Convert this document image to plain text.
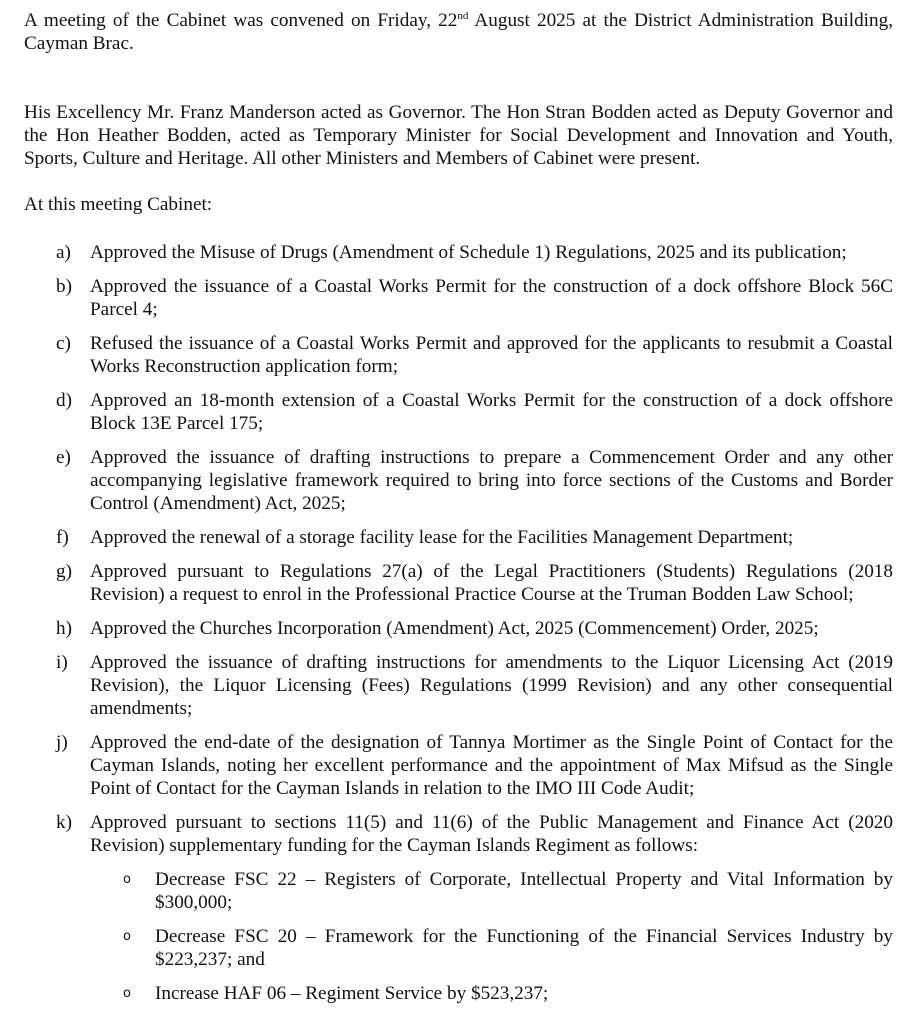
A meeting of the Cabinet was convened on Friday, 22nd August 2025 at the District Administration Building, Cayman Brac.

His Excellency Mr. Franz Manderson acted as Governor. The Hon Stran Bodden acted as Deputy Governor and the Hon Heather Bodden, acted as Temporary Minister for Social Development and Innovation and Youth, Sports, Culture and Heritage. All other Ministers and Members of Cabinet were present.

At this meeting Cabinet:

a) Approved the Misuse of Drugs (Amendment of Schedule 1) Regulations, 2025 and its publication;
b) Approved the issuance of a Coastal Works Permit for the construction of a dock offshore Block 56C Parcel 4;
c) Refused the issuance of a Coastal Works Permit and approved for the applicants to resubmit a Coastal Works Reconstruction application form;
d) Approved an 18-month extension of a Coastal Works Permit for the construction of a dock offshore Block 13E Parcel 175;
e) Approved the issuance of drafting instructions to prepare a Commencement Order and any other accompanying legislative framework required to bring into force sections of the Customs and Border Control (Amendment) Act, 2025;
f) Approved the renewal of a storage facility lease for the Facilities Management Department;
g) Approved pursuant to Regulations 27(a) of the Legal Practitioners (Students) Regulations (2018 Revision) a request to enrol in the Professional Practice Course at the Truman Bodden Law School;
h) Approved the Churches Incorporation (Amendment) Act, 2025 (Commencement) Order, 2025;
i) Approved the issuance of drafting instructions for amendments to the Liquor Licensing Act (2019 Revision), the Liquor Licensing (Fees) Regulations (1999 Revision) and any other consequential amendments;
j) Approved the end-date of the designation of Tannya Mortimer as the Single Point of Contact for the Cayman Islands, noting her excellent performance and the appointment of Max Mifsud as the Single Point of Contact for the Cayman Islands in relation to the IMO III Code Audit;
k) Approved pursuant to sections 11(5) and 11(6) of the Public Management and Finance Act (2020 Revision) supplementary funding for the Cayman Islands Regiment as follows:
o Decrease FSC 22 – Registers of Corporate, Intellectual Property and Vital Information by $300,000;
o Decrease FSC 20 – Framework for the Functioning of the Financial Services Industry by $223,237; and
o Increase HAF 06 – Regiment Service by $523,237;
